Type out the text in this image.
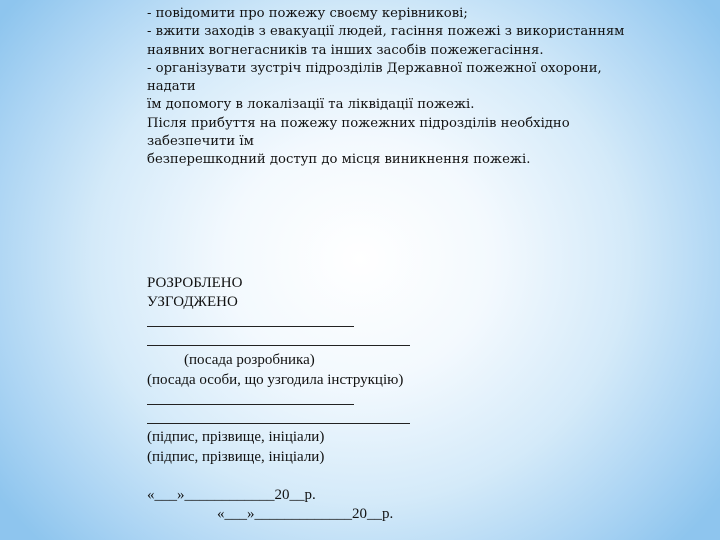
- повідомити про пожежу своєму керівникові;
- вжити заходів з евакуації людей, гасіння пожежі з використанням
наявних вогнегасників та інших засобів пожежегасіння.
- організувати зустріч підрозділів Державної пожежної охорони,
надати
їм допомогу в локалізації та ліквідації пожежі.
Після прибуття на пожежу пожежних підрозділів необхідно
забезпечити їм
безперешкодний доступ до місця виникнення пожежі.
РОЗРОБЛЕНО
УЗГОДЖЕНО
(посада розробника)
(посада особи, що узгодила інструкцію)
(підпис, прізвище, ініціали)
(підпис, прізвище, ініціали)
«___»____________20__р.
«___»_____________20__р.
